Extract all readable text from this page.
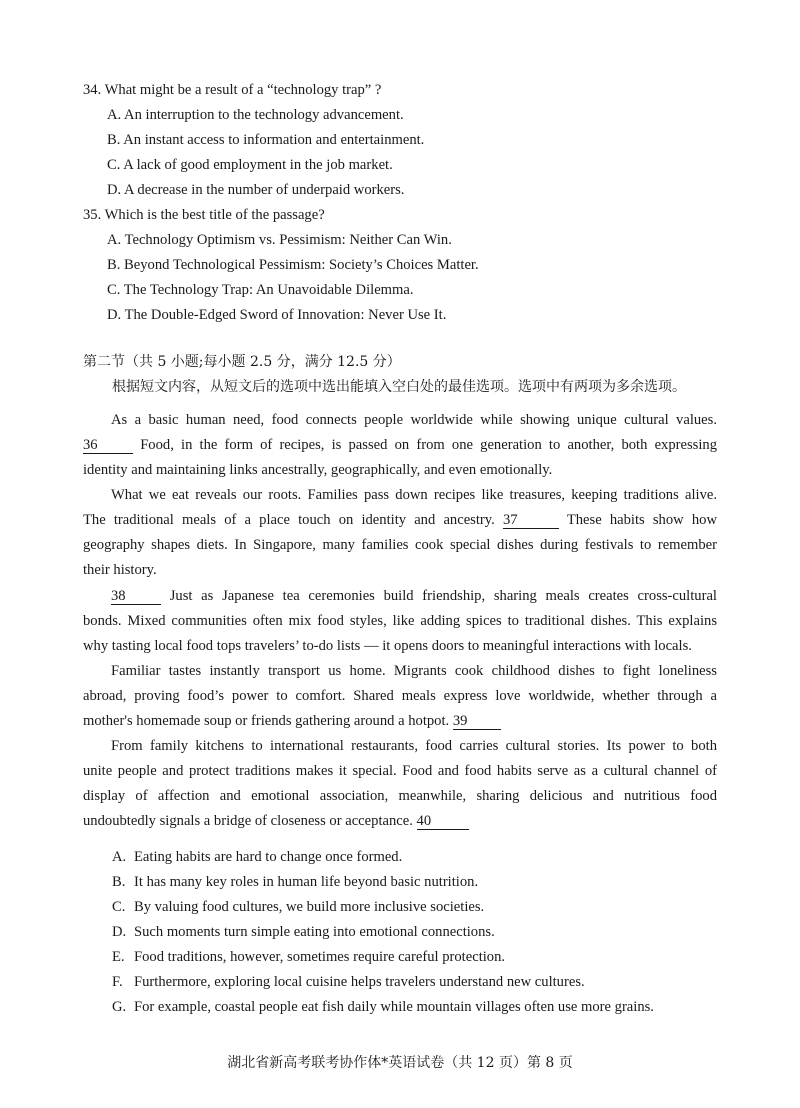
34. What might be a result of a “technology trap” ?
A. An interruption to the technology advancement.
B. An instant access to information and entertainment.
C. A lack of good employment in the job market.
D. A decrease in the number of underpaid workers.
35. Which is the best title of the passage?
A. Technology Optimism vs. Pessimism: Neither Can Win.
B. Beyond Technological Pessimism: Society’s Choices Matter.
C. The Technology Trap: An Unavoidable Dilemma.
D. The Double-Edged Sword of Innovation: Never Use It.
第二节（共 5 小题;每小题 2.5 分，满分 12.5 分）
根据短文内容，从短文后的选项中选出能填入空白处的最佳选项。选项中有两项为多余选项。
As a basic human need, food connects people worldwide while showing unique cultural values.
36	Food, in the form of recipes, is passed on from one generation to another, both expressing
identity and maintaining links ancestrally, geographically, and even emotionally.
What we eat reveals our roots. Families pass down recipes like treasures, keeping traditions alive.
The traditional meals of a place touch on identity and ancestry. 37	These habits show how
geography shapes diets. In Singapore, many families cook special dishes during festivals to remember
their history.
38	Just as Japanese tea ceremonies build friendship, sharing meals creates cross-cultural
bonds. Mixed communities often mix food styles, like adding spices to traditional dishes. This explains
why tasting local food tops travelers’ to-do lists — it opens doors to meaningful interactions with locals.
Familiar tastes instantly transport us home. Migrants cook childhood dishes to fight loneliness
abroad, proving food’s power to comfort. Shared meals express love worldwide, whether through a
mother's homemade soup or friends gathering around a hotpot. 39
From family kitchens to international restaurants, food carries cultural stories. Its power to both
unite people and protect traditions makes it special. Food and food habits serve as a cultural channel of
display of affection and emotional association, meanwhile, sharing delicious and nutritious food
undoubtedly signals a bridge of closeness or acceptance. 40
A. Eating habits are hard to change once formed.
B. It has many key roles in human life beyond basic nutrition.
C. By valuing food cultures, we build more inclusive societies.
D. Such moments turn simple eating into emotional connections.
E. Food traditions, however, sometimes require careful protection.
F. Furthermore, exploring local cuisine helps travelers understand new cultures.
G. For example, coastal people eat fish daily while mountain villages often use more grains.
湖北省新高考联考协作体*英语试卷（共 12 页）第 8 页
